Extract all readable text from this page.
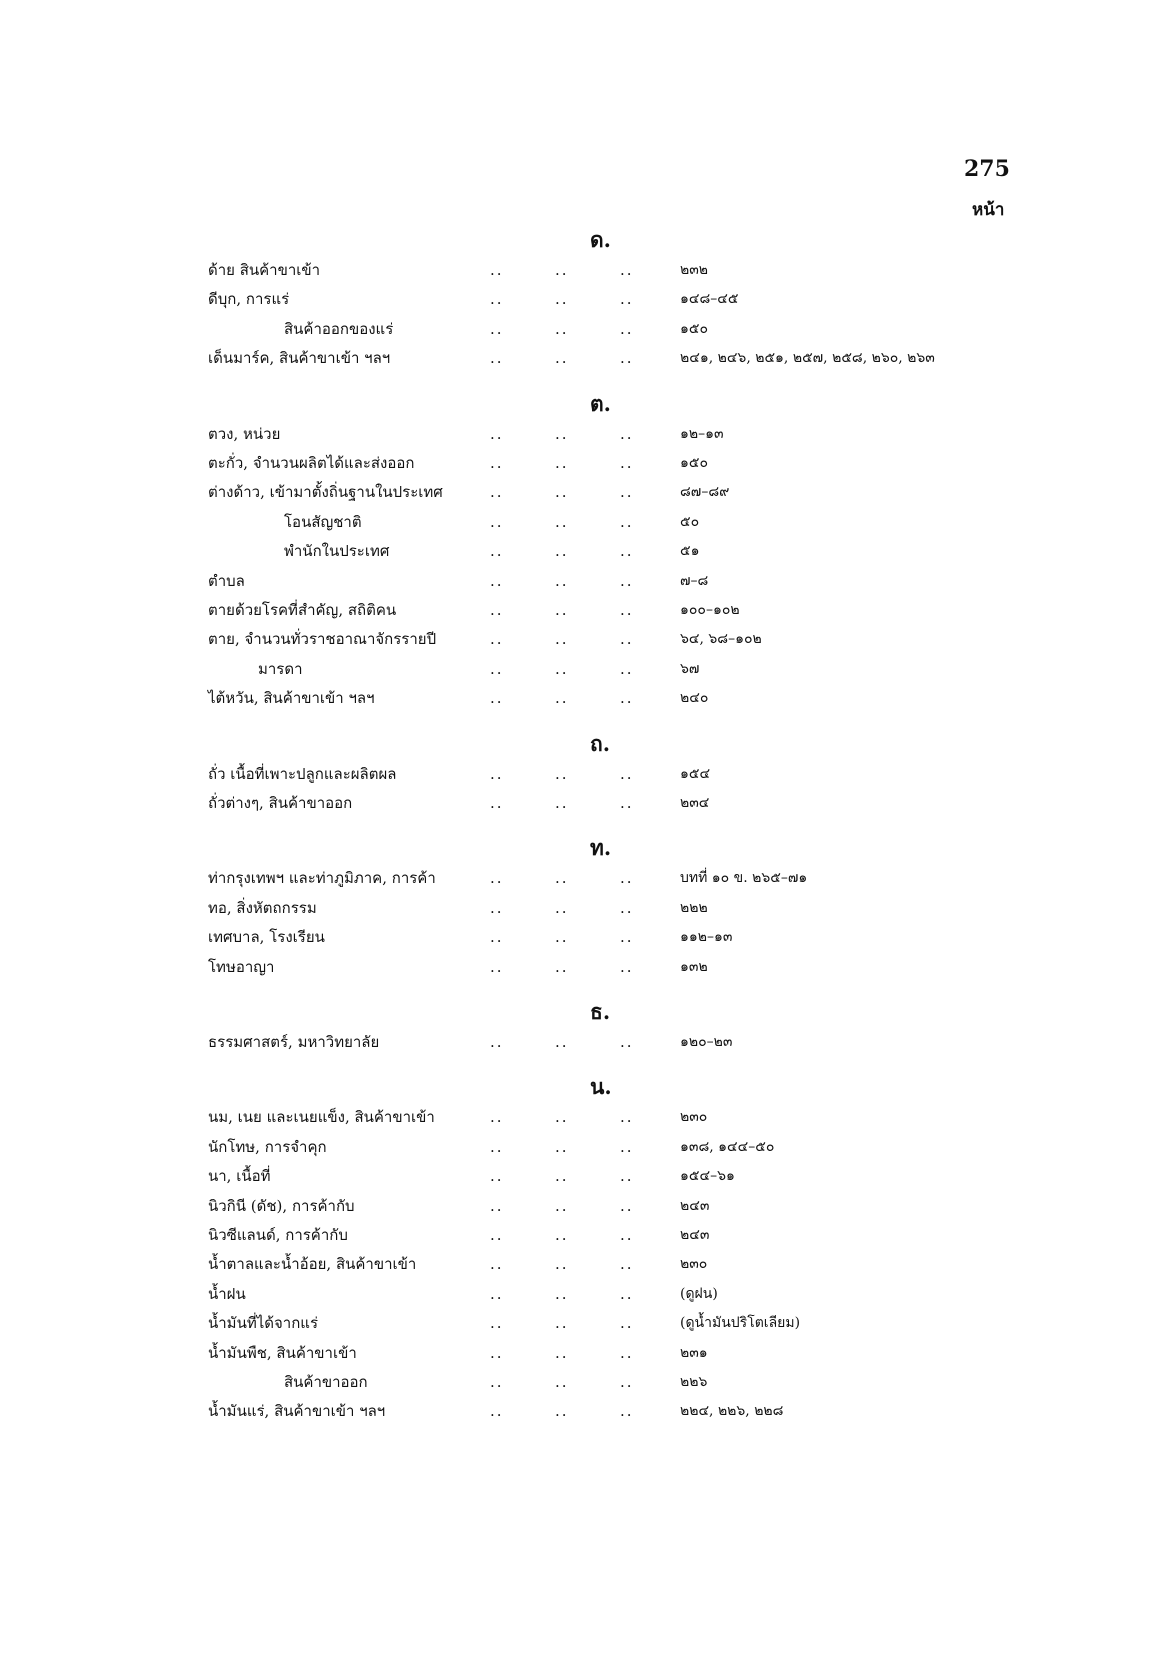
275
หน้า
ด.
ด้าย สินค้าขาเข้า	..	..	..	๒๓๒
ดีบุก, การแร่	..	..	..	๑๔๘–๔๕
สินค้าออกของแร่	..	..	..	๑๕๐
เด็นมาร์ค, สินค้าขาเข้า ฯลฯ	..	..	..	๒๔๑, ๒๔๖, ๒๕๑, ๒๕๗, ๒๕๘, ๒๖๐, ๒๖๓
ต.
ตวง, หน่วย	..	..	..	๑๒–๑๓
ตะกั่ว, จำนวนผลิตได้และส่งออก	..	..	..	๑๕๐
ต่างด้าว, เข้ามาตั้งถิ่นฐานในประเทศ	..	..	..	๘๗–๘๙
โอนสัญชาติ	..	..	..	๕๐
พำนักในประเทศ	..	..	..	๕๑
ตำบล	..	..	..	๗–๘
ตายด้วยโรคที่สำคัญ, สถิติคน	..	..	..	๑๐๐–๑๐๒
ตาย, จำนวนทั่วราชอาณาจักรรายปี	..	..	..	๖๔, ๖๘–๑๐๒
มารดา	..	..	..	๖๗
ไต้หวัน, สินค้าขาเข้า ฯลฯ	..	..	..	๒๔๐
ถ.
ถั่ว เนื้อที่เพาะปลูกและผลิตผล	..	..	..	๑๕๔
ถั่วต่างๆ, สินค้าขาออก	..	..	..	๒๓๔
ท.
ท่ากรุงเทพฯ และท่าภูมิภาค, การค้า	..	..	..	บทที่ ๑๐ ข. ๒๖๕–๗๑
ทอ, สิ่งหัตถกรรม	..	..	..	๒๒๒
เทศบาล, โรงเรียน	..	..	..	๑๑๒–๑๓
โทษอาญา	..	..	..	๑๓๒
ธ.
ธรรมศาสตร์, มหาวิทยาลัย	..	..	..	๑๒๐–๒๓
น.
นม, เนย และเนยแข็ง, สินค้าขาเข้า	..	..	..	๒๓๐
นักโทษ, การจำคุก	..	..	..	๑๓๘, ๑๔๔–๕๐
นา, เนื้อที่	..	..	..	๑๕๔–๖๑
นิวกินี (ดัช), การค้ากับ	..	..	..	๒๔๓
นิวซีแลนด์, การค้ากับ	..	..	..	๒๔๓
น้ำตาลและน้ำอ้อย, สินค้าขาเข้า	..	..	..	๒๓๐
น้ำฝน	..	..	..	(ดูฝน)
น้ำมันที่ได้จากแร่	..	..	..	(ดูน้ำมันปริโตเลียม)
น้ำมันพืช, สินค้าขาเข้า	..	..	..	๒๓๑
สินค้าขาออก	..	..	..	๒๒๖
น้ำมันแร่, สินค้าขาเข้า ฯลฯ	..	..	..	๒๒๔, ๒๒๖, ๒๒๘
